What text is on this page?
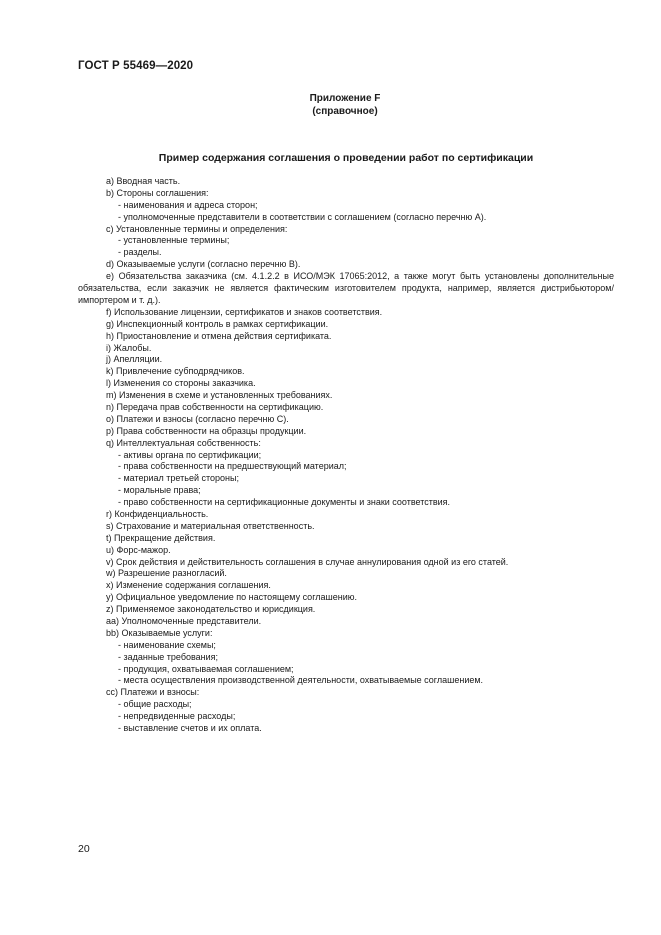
ГОСТ Р 55469—2020
Приложение F
(справочное)
Пример содержания соглашения о проведении работ по сертификации
a) Вводная часть.
b) Стороны соглашения:
- наименования и адреса сторон;
- уполномоченные представители в соответствии с соглашением (согласно перечню А).
c) Установленные термины и определения:
- установленные термины;
- разделы.
d) Оказываемые услуги (согласно перечню В).
e) Обязательства заказчика (см. 4.1.2.2 в ИСО/МЭК 17065:2012, а также могут быть установлены дополнительные обязательства, если заказчик не является фактическим изготовителем продукта, например, является дистрибьютором/импортером и т. д.).
f) Использование лицензии, сертификатов и знаков соответствия.
g) Инспекционный контроль в рамках сертификации.
h) Приостановление и отмена действия сертификата.
i) Жалобы.
j) Апелляции.
k) Привлечение субподрядчиков.
l) Изменения со стороны заказчика.
m) Изменения в схеме и установленных требованиях.
n) Передача прав собственности на сертификацию.
o) Платежи и взносы (согласно перечню С).
p) Права собственности на образцы продукции.
q) Интеллектуальная собственность:
- активы органа по сертификации;
- права собственности на предшествующий материал;
- материал третьей стороны;
- моральные права;
- право собственности на сертификационные документы и знаки соответствия.
r) Конфиденциальность.
s) Страхование и материальная ответственность.
t) Прекращение действия.
u) Форс-мажор.
v) Срок действия и действительность соглашения в случае аннулирования одной из его статей.
w) Разрешение разногласий.
x) Изменение содержания соглашения.
y) Официальное уведомление по настоящему соглашению.
z) Применяемое законодательство и юрисдикция.
aa) Уполномоченные представители.
bb) Оказываемые услуги:
- наименование схемы;
- заданные требования;
- продукция, охватываемая соглашением;
- места осуществления производственной деятельности, охватываемые соглашением.
cc) Платежи и взносы:
- общие расходы;
- непредвиденные расходы;
- выставление счетов и их оплата.
20
